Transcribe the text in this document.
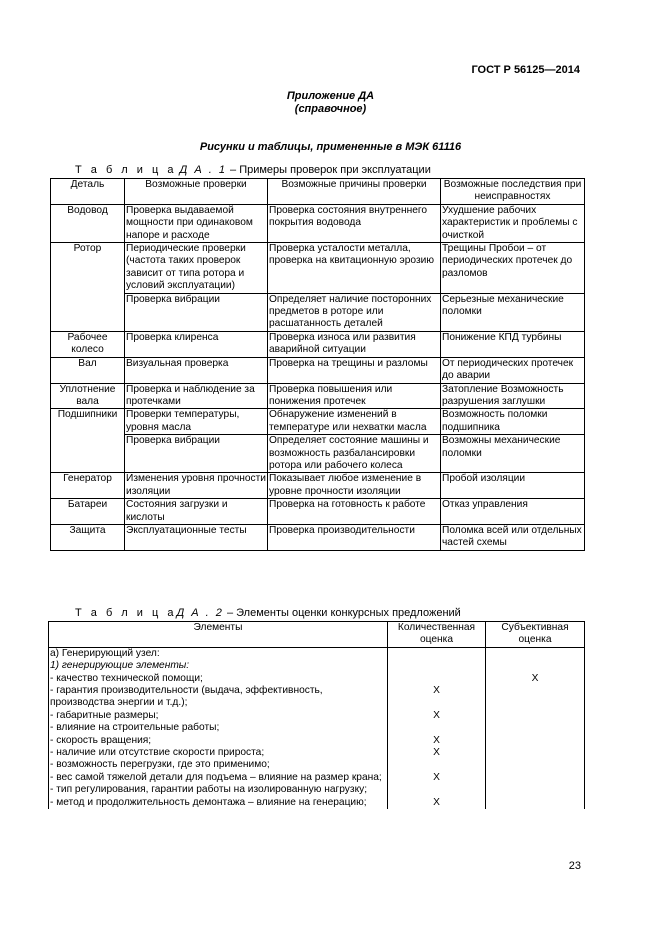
ГОСТ Р 56125—2014
Приложение ДА
(справочное)
Рисунки и таблицы, примененные в МЭК 61116
Т а б л и ц а Д А . 1 – Примеры проверок при эксплуатации
Деталь	Возможные проверки	Возможные причины проверки	Возможные последствия при неисправностях
Водовод	Проверка выдаваемой мощности при одинаковом напоре и расходе	Проверка состояния внутреннего покрытия водовода	Ухудшение рабочих характеристик и проблемы с очисткой
Ротор	Периодические проверки (частота таких проверок зависит от типа ротора и условий эксплуатации)	Проверка усталости металла, проверка на квитационную эрозию	Трещины Пробои – от периодических протечек до разломов
	Проверка вибрации	Определяет наличие посторонних предметов в роторе или расшатанность деталей	Серьезные механические поломки
Рабочее колесо	Проверка клиренса	Проверка износа или развития аварийной ситуации	Понижение КПД турбины
Вал	Визуальная проверка	Проверка на трещины и разломы	От периодических протечек до аварии
Уплотнение вала	Проверка и наблюдение за протечками	Проверка повышения или понижения протечек	Затопление Возможность разрушения заглушки
Подшипники	Проверки температуры, уровня масла	Обнаружение изменений в температуре или нехватки масла	Возможность поломки подшипника
	Проверка вибрации	Определяет состояние машины и возможность разбалансировки ротора или рабочего колеса	Возможны механические поломки
Генератор	Изменения уровня прочности изоляции	Показывает любое изменение в уровне прочности изоляции	Пробой изоляции
Батареи	Состояния загрузки и кислоты	Проверка на готовность к работе	Отказ управления
Защита	Эксплуатационные тесты	Проверка производительности	Поломка всей или отдельных частей схемы
Т а б л и ц аД А . 2 – Элементы оценки конкурсных предложений
Элементы	Количественная оценка	Субъективная оценка
а) Генерирующий узел:		
1) генерирующие элементы:		
- качество технической помощи;		X
- гарантия производительности (выдача, эффективность, производства энергии и т.д.);	X	
- габаритные размеры;	X	
- влияние на строительные работы;		
- скорость вращения;	X	
- наличие или отсутствие скорости прироста;	X	
- возможность перегрузки, где это применимо;		
- вес самой тяжелой детали для подъема – влияние на размер крана;	X	
- тип регулирования, гарантии работы на изолированную нагрузку;		
- метод и продолжительность демонтажа – влияние на генерацию;	X	
23
